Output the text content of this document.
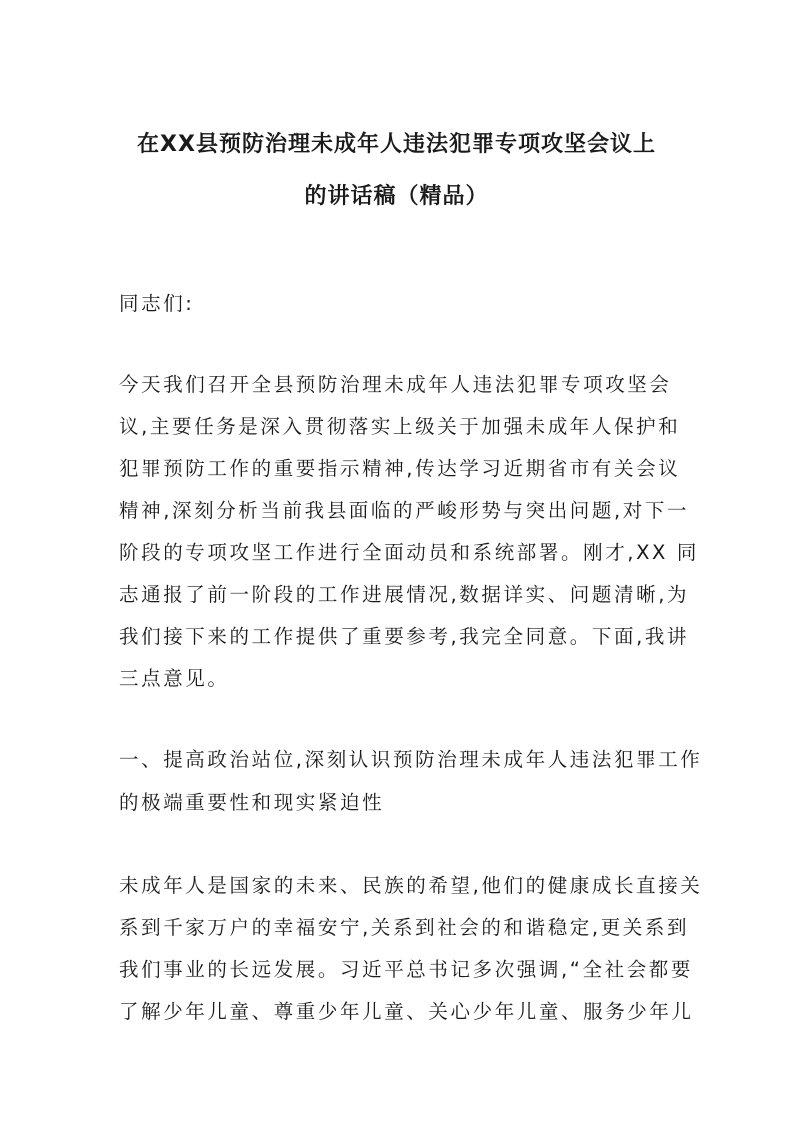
在XX县预防治理未成年人违法犯罪专项攻坚会议上
的讲话稿（精品）
同志们:
今天我们召开全县预防治理未成年人违法犯罪专项攻坚会
议,主要任务是深入贯彻落实上级关于加强未成年人保护和
犯罪预防工作的重要指示精神,传达学习近期省市有关会议
精神,深刻分析当前我县面临的严峻形势与突出问题,对下一
阶段的专项攻坚工作进行全面动员和系统部署。刚才,XX 同
志通报了前一阶段的工作进展情况,数据详实、问题清晰,为
我们接下来的工作提供了重要参考,我完全同意。下面,我讲
三点意见。
一、提高政治站位,深刻认识预防治理未成年人违法犯罪工作
的极端重要性和现实紧迫性
未成年人是国家的未来、民族的希望,他们的健康成长直接关
系到千家万户的幸福安宁,关系到社会的和谐稳定,更关系到
我们事业的长远发展。习近平总书记多次强调,“全社会都要
了解少年儿童、尊重少年儿童、关心少年儿童、服务少年儿
